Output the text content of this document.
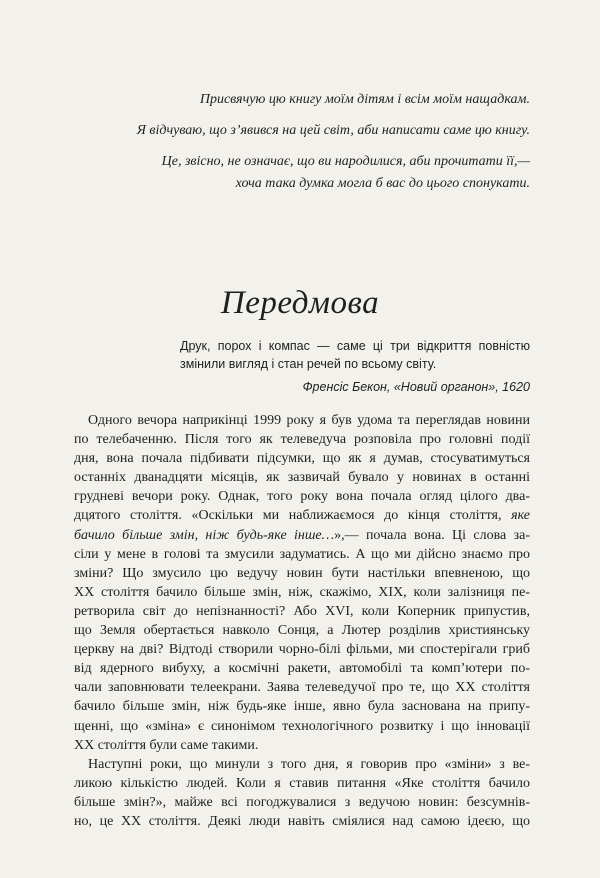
Присвячую цю книгу моїм дітям і всім моїм нащадкам.

Я відчуваю, що з’явився на цей світ, аби написати саме цю книгу.

Це, звісно, не означає, що ви народилися, аби прочитати її,—

хоча така думка могла б вас до цього спонукати.

Передмова

Друк, порох і компас — саме ці три відкриття повністю змінили вигляд і стан речей по всьому світу.

Френсіс Бекон, «Новий органон», 1620

Одного вечора наприкінці 1999 року я був удома та переглядав новини
по телебаченню. Після того як телеведуча розповіла про головні події
дня, вона почала підбивати підсумки, що як я думав, стосуватимуться
останніх дванадцяти місяців, як зазвичай бувало у новинах в останні
грудневі вечори року. Однак, того року вона почала огляд цілого два-
дцятого століття. «Оскільки ми наближаємося до кінця століття, яке
бачило більше змін, ніж будь-яке інше…»,— почала вона. Ці слова за-
сіли у мене в голові та змусили задуматись. А що ми дійсно знаємо про
зміни? Що змусило цю ведучу новин бути настільки впевненою, що
ХХ століття бачило більше змін, ніж, скажімо, ХІХ, коли залізниця пе-
ретворила світ до непізнанності? Або XVI, коли Коперник припустив,
що Земля обертається навколо Сонця, а Лютер розділив християнську
церкву на дві? Відтоді створили чорно-білі фільми, ми спостерігали гриб
від ядерного вибуху, а космічні ракети, автомобілі та комп’ютери по-
чали заповнювати телеекрани. Заява телеведучої про те, що ХХ століття
бачило більше змін, ніж будь-яке інше, явно була заснована на припу-
щенні, що «зміна» є синонімом технологічного розвитку і що інновації
ХХ століття були саме такими.
Наступні роки, що минули з того дня, я говорив про «зміни» з ве-
ликою кількістю людей. Коли я ставив питання «Яке століття бачило
більше змін?», майже всі погоджувалися з ведучою новин: безсумнів-
но, це ХХ століття. Деякі люди навіть сміялися над самою ідеєю, що
